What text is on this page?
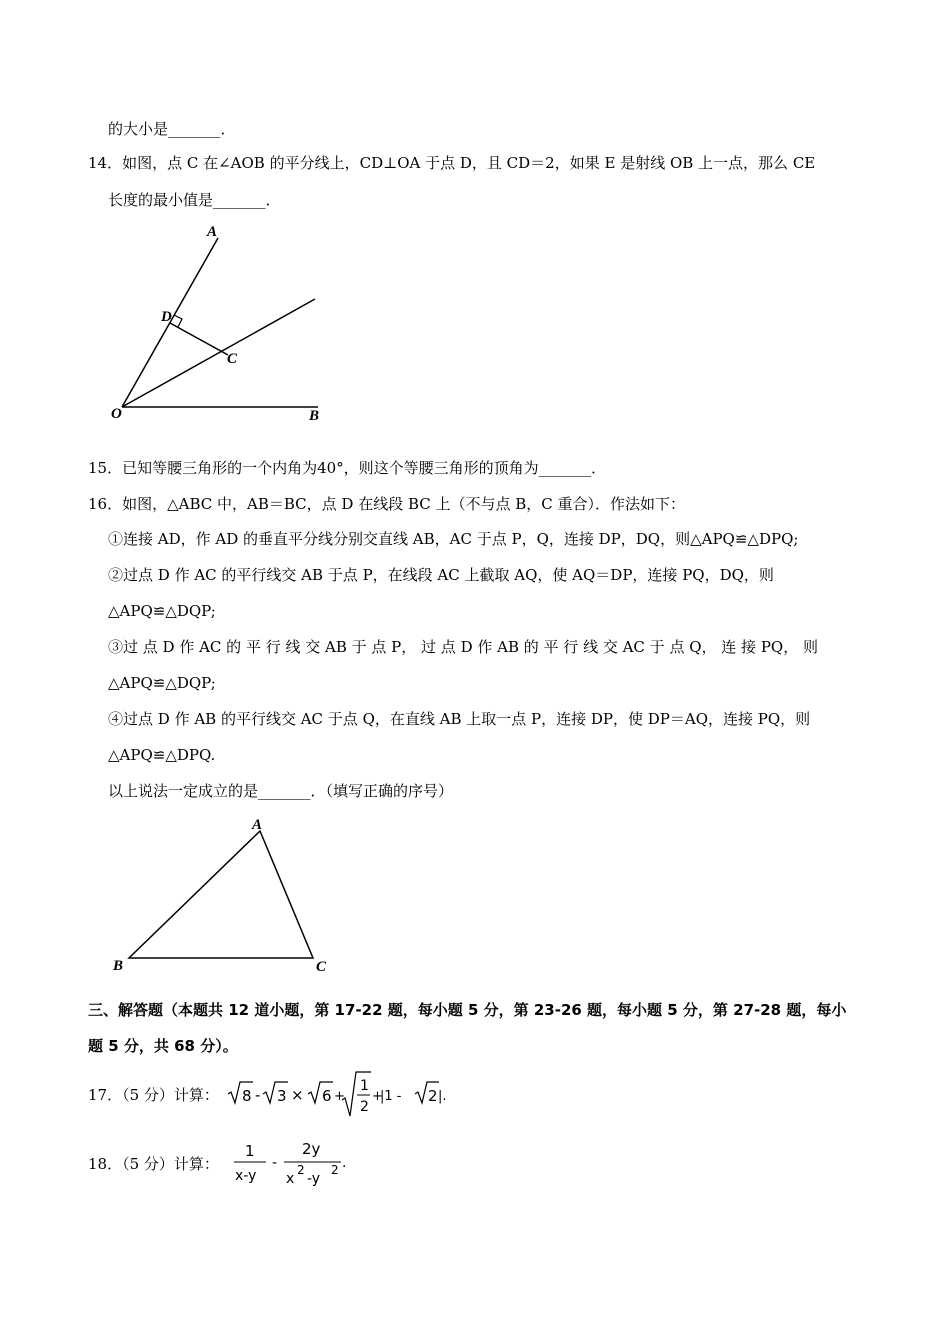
的大小是_______．
14．如图，点 C 在∠AOB 的平分线上，CD⊥OA 于点 D，且 CD＝2，如果 E 是射线 OB 上一点，那么 CE
长度的最小值是_______．
A
D
C
O	B
15．已知等腰三角形的一个内角为40°，则这个等腰三角形的顶角为_______．
16．如图，△ABC 中，AB＝BC，点 D 在线段 BC 上（不与点 B，C 重合）．作法如下：
①连接 AD，作 AD 的垂直平分线分别交直线 AB，AC 于点 P，Q，连接 DP，DQ，则△APQ≌△DPQ;
②过点 D 作 AC 的平行线交 AB 于点 P，在线段 AC 上截取 AQ，使 AQ＝DP，连接 PQ，DQ，则
△APQ≌△DQP;
③过 点 D 作 AC 的 平 行 线 交 AB 于 点 P， 过 点 D 作 AB 的 平 行 线 交 AC 于 点 Q， 连 接 PQ， 则
△APQ≌△DQP;
④过点 D 作 AB 的平行线交 AC 于点 Q，在直线 AB 上取一点 P，连接 DP，使 DP＝AQ，连接 PQ，则
△APQ≌△DPQ.
以上说法一定成立的是_______．（填写正确的序号）
A
B	C
三、解答题（本题共 12 道小题，第 17-22 题，每小题 5 分，第 23-26 题，每小题 5 分，第 27-28 题，每小
题 5 分，共 68 分）。
17．（5 分）计算： 8 - 3 × 6 +
1
2
+
|1 - 2 |.
18．（5 分）计算：
1
x-y
-
2y
x
2
-y
2 .
